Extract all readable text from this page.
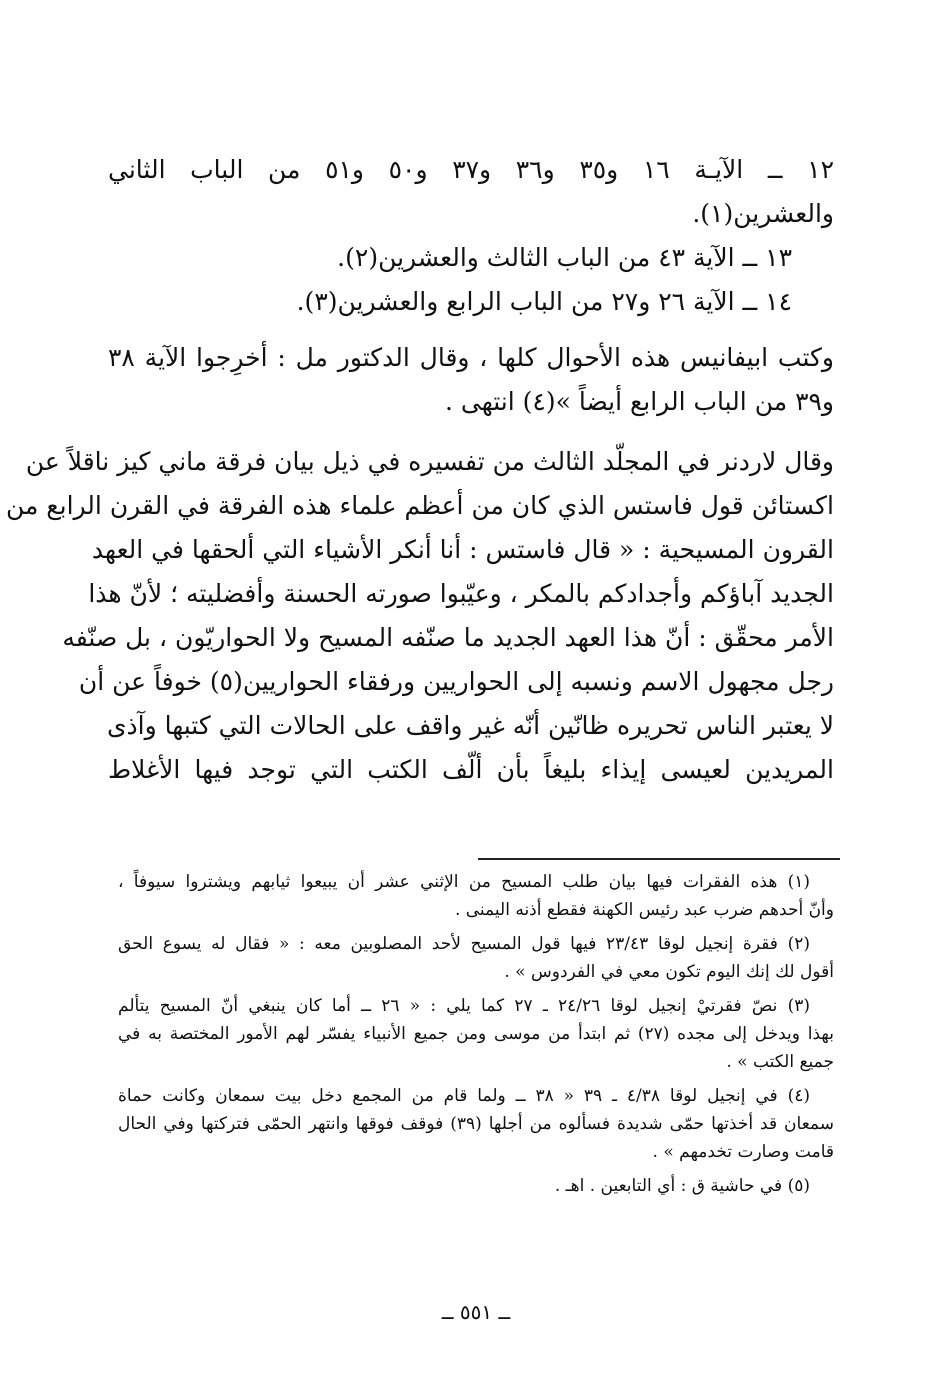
١٢ ــ الآيـة ١٦ و٣٥ و٣٦ و٣٧ و٥٠ و٥١ من الباب الثاني
والعشرين(١).
١٣ ــ الآية ٤٣ من الباب الثالث والعشرين(٢).
١٤ ــ الآية ٢٦ و٢٧ من الباب الرابع والعشرين(٣).
وكتب ابيفانيس هذه الأحوال كلها ، وقال الدكتور مل : أخرِجوا الآية ٣٨
و٣٩ من الباب الرابع أيضاً »(٤) انتهى .
وقال لاردنر في المجلّد الثالث من تفسيره في ذيل بيان فرقة ماني كيز ناقلاً عن
اكستائن قول فاستس الذي كان من أعظم علماء هذه الفرقة في القرن الرابع من
القرون المسيحية : « قال فاستس : أنا أنكر الأشياء التي ألحقها في العهد
الجديد آباؤكم وأجدادكم بالمكر ، وعيّبوا صورته الحسنة وأفضليته ؛ لأنّ هذا
الأمر محقّق : أنّ هذا العهد الجديد ما صنّفه المسيح ولا الحواريّون ، بل صنّفه
رجل مجهول الاسم ونسبه إلى الحواريين ورفقاء الحواريين(٥) خوفاً عن أن
لا يعتبر الناس تحريره ظانّين أنّه غير واقف على الحالات التي كتبها وآذى
المريدين لعيسى إيذاء بليغاً بأن ألّف الكتب التي توجد فيها الأغلاط
(١) هذه الفقرات فيها بيان طلب المسيح من الإثني عشر أن يبيعوا ثيابهم ويشتروا سيوفاً ،
وأنّ أحدهم ضرب عبد رئيس الكهنة فقطع أذنه اليمنى .
(٢) فقرة إنجيل لوقا ٢٣/٤٣ فيها قول المسيح لأحد المصلوبين معه : « فقال له يسوع الحق
أقول لك إنك اليوم تكون معي في الفردوس » .
(٣) نصّ فقرتيْ إنجيل لوقا ٢٤/٢٦ ـ ٢٧ كما يلي : « ٢٦ ــ أما كان ينبغي أنّ المسيح يتألم
بهذا ويدخل إلى مجده (٢٧) ثم ابتدأ من موسى ومن جميع الأنبياء يفسّر لهم الأمور المختصة به في
جميع الكتب » .
(٤) في إنجيل لوقا ٤/٣٨ ـ ٣٩ « ٣٨ ــ ولما قام من المجمع دخل بيت سمعان وكانت حماة
سمعان قد أخذتها حمّى شديدة فسألوه من أجلها (٣٩) فوقف فوقها وانتهر الحمّى فتركتها وفي الحال
قامت وصارت تخدمهم » .
(٥) في حاشية ق : أي التابعين . اهـ .
ــ ٥٥١ ــ
